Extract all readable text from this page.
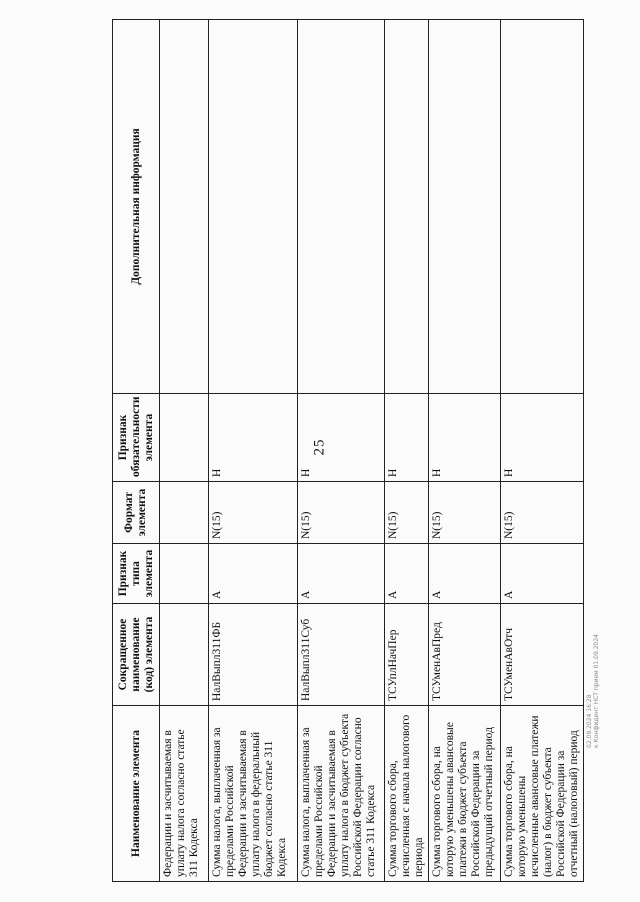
25
Наименование элемента	Сокращенное наименование (код) элемента	Признак типа элемента	Формат элемента	Признак обязательности элемента	Дополнительная информация
Федерации и засчитываемая в уплату налога согласно статье 311 Кодекса					
Сумма налога, выплаченная за пределами Российской Федерации и засчитываемая в уплату налога в федеральный бюджет согласно статье 311 Кодекса	НалВыпл311ФБ	А	N(15)	Н	
Сумма налога, выплаченная за пределами Российской Федерации и засчитываемая в уплату налога в бюджет субъекта Российской Федерации согласно статье 311 Кодекса	НалВыпл311Суб	А	N(15)	Н	
Сумма торгового сбора, исчисленная с начала налогового периода	ТСУплНачПер	А	N(15)	Н	
Сумма торгового сбора, на которую уменьшены авансовые платежи в бюджет субъекта Российской Федерации за предыдущий отчетный период	ТСУменАвПред	А	N(15)	Н	
Сумма торгового сбора, на которую уменьшены исчисленные авансовые платежи (налог) в бюджет субъекта Российской Федерации за отчетный (налоговый) период	ТСУменАвОтч	А	N(15)	Н	
02.09.2024 16:28 к Конфидент НСТ прием 01.09.2024
